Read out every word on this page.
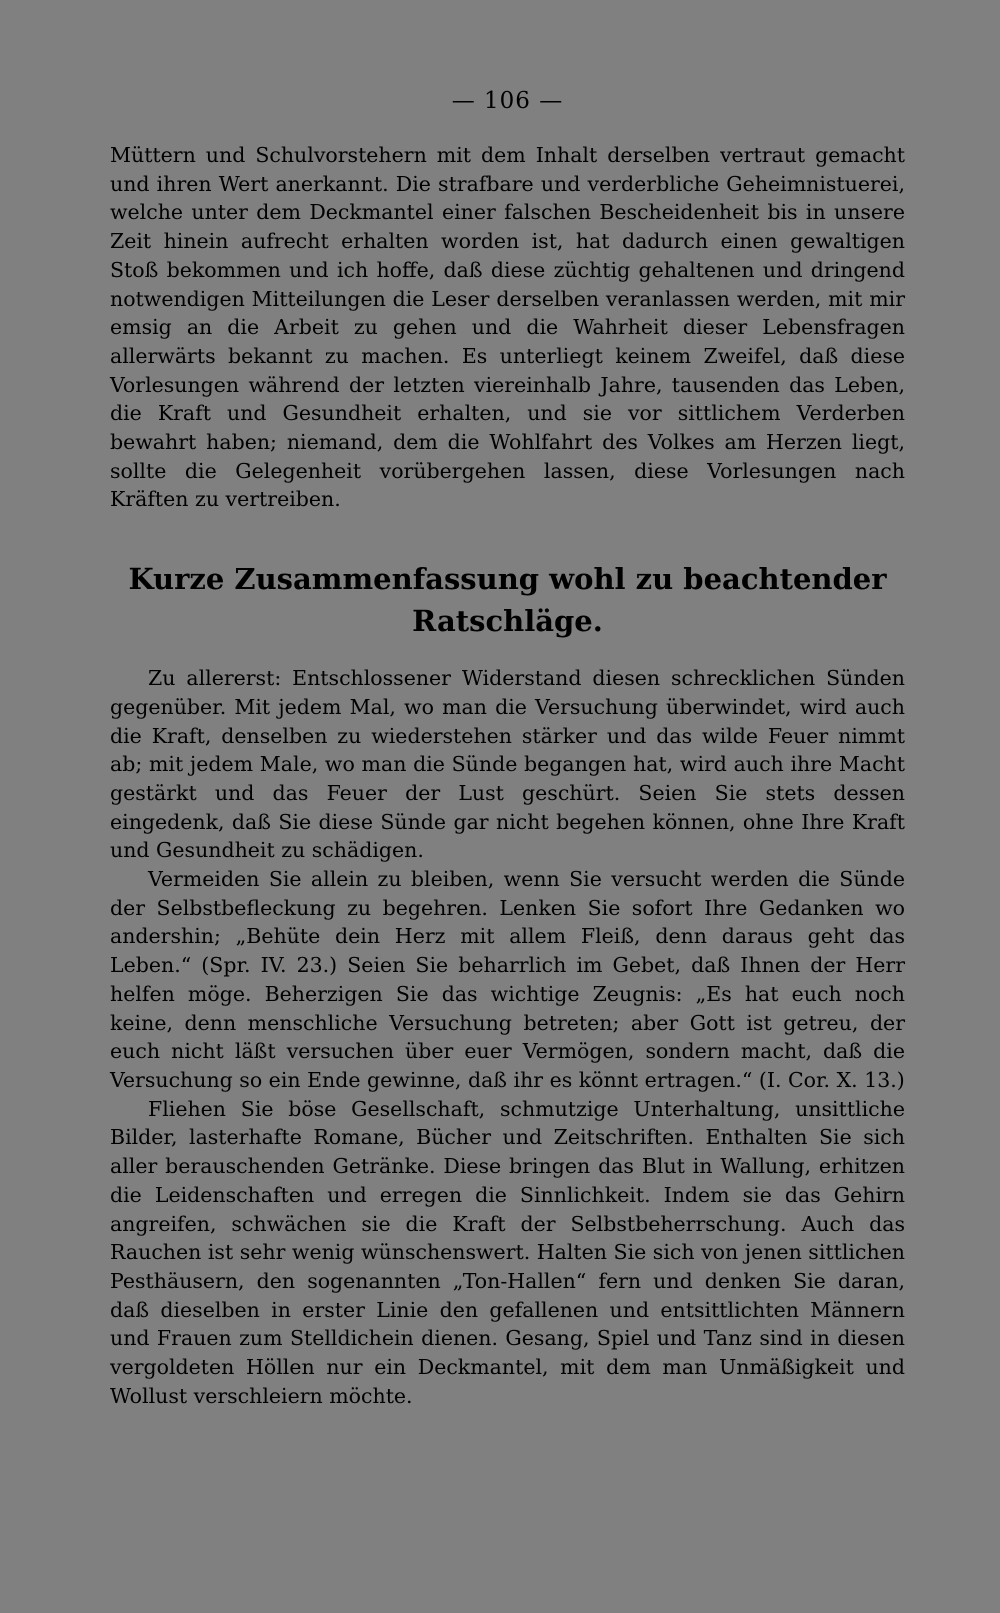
— 106 —

Müttern und Schulvorstehern mit dem Inhalt derselben vertraut gemacht und ihren Wert anerkannt. Die strafbare und verderbliche Geheimnistuerei, welche unter dem Deckmantel einer falschen Bescheidenheit bis in unsere Zeit hinein aufrecht erhalten worden ist, hat dadurch einen gewaltigen Stoß bekommen und ich hoffe, daß diese züchtig gehaltenen und dringend notwendigen Mitteilungen die Leser derselben veranlassen werden, mit mir emsig an die Arbeit zu gehen und die Wahrheit dieser Lebensfragen allerwärts bekannt zu machen. Es unterliegt keinem Zweifel, daß diese Vorlesungen während der letzten viereinhalb Jahre, tausenden das Leben, die Kraft und Gesundheit erhalten, und sie vor sittlichem Verderben bewahrt haben; niemand, dem die Wohlfahrt des Volkes am Herzen liegt, sollte die Gelegenheit vorübergehen lassen, diese Vorlesungen nach Kräften zu vertreiben.

Kurze Zusammenfassung wohl zu beachtender
Ratschläge.

Zu allererst: Entschlossener Widerstand diesen schrecklichen Sünden gegenüber. Mit jedem Mal, wo man die Versuchung überwindet, wird auch die Kraft, denselben zu wiederstehen stärker und das wilde Feuer nimmt ab; mit jedem Male, wo man die Sünde begangen hat, wird auch ihre Macht gestärkt und das Feuer der Lust geschürt. Seien Sie stets dessen eingedenk, daß Sie diese Sünde gar nicht begehen können, ohne Ihre Kraft und Gesundheit zu schädigen.

Vermeiden Sie allein zu bleiben, wenn Sie versucht werden die Sünde der Selbstbefleckung zu begehren. Lenken Sie sofort Ihre Gedanken wo andershin; „Behüte dein Herz mit allem Fleiß, denn daraus geht das Leben.“ (Spr. IV. 23.) Seien Sie beharrlich im Gebet, daß Ihnen der Herr helfen möge. Beherzigen Sie das wichtige Zeugnis: „Es hat euch noch keine, denn menschliche Versuchung betreten; aber Gott ist getreu, der euch nicht läßt versuchen über euer Vermögen, sondern macht, daß die Versuchung so ein Ende gewinne, daß ihr es könnt ertragen.“ (I. Cor. X. 13.)

Fliehen Sie böse Gesellschaft, schmutzige Unterhaltung, unsittliche Bilder, lasterhafte Romane, Bücher und Zeitschriften. Enthalten Sie sich aller berauschenden Getränke. Diese bringen das Blut in Wallung, erhitzen die Leidenschaften und erregen die Sinnlichkeit. Indem sie das Gehirn angreifen, schwächen sie die Kraft der Selbstbeherrschung. Auch das Rauchen ist sehr wenig wünschenswert. Halten Sie sich von jenen sittlichen Pesthäusern, den sogenannten „Ton-Hallen“ fern und denken Sie daran, daß dieselben in erster Linie den gefallenen und entsittlichten Männern und Frauen zum Stelldichein dienen. Gesang, Spiel und Tanz sind in diesen vergoldeten Höllen nur ein Deckmantel, mit dem man Unmäßigkeit und Wollust verschleiern möchte.
